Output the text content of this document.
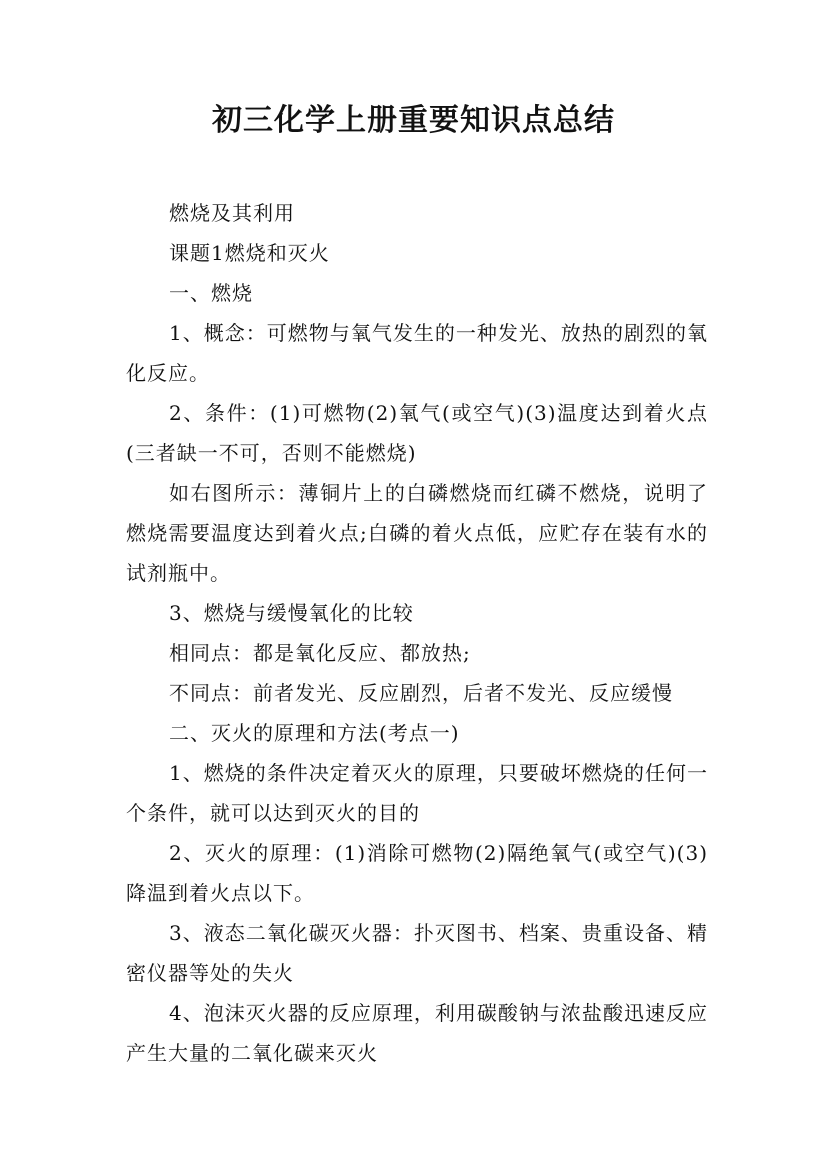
初三化学上册重要知识点总结

燃烧及其利用

课题1燃烧和灭火

一、燃烧

1、概念：可燃物与氧气发生的一种发光、放热的剧烈的氧化反应。

2、条件：(1)可燃物(2)氧气(或空气)(3)温度达到着火点(三者缺一不可，否则不能燃烧)

如右图所示：薄铜片上的白磷燃烧而红磷不燃烧，说明了燃烧需要温度达到着火点;白磷的着火点低，应贮存在装有水的试剂瓶中。

3、燃烧与缓慢氧化的比较

相同点：都是氧化反应、都放热;

不同点：前者发光、反应剧烈，后者不发光、反应缓慢

二、灭火的原理和方法(考点一)

1、燃烧的条件决定着灭火的原理，只要破坏燃烧的任何一个条件，就可以达到灭火的目的

2、灭火的原理：(1)消除可燃物(2)隔绝氧气(或空气)(3)降温到着火点以下。

3、液态二氧化碳灭火器：扑灭图书、档案、贵重设备、精密仪器等处的失火

4、泡沫灭火器的反应原理，利用碳酸钠与浓盐酸迅速反应产生大量的二氧化碳来灭火
